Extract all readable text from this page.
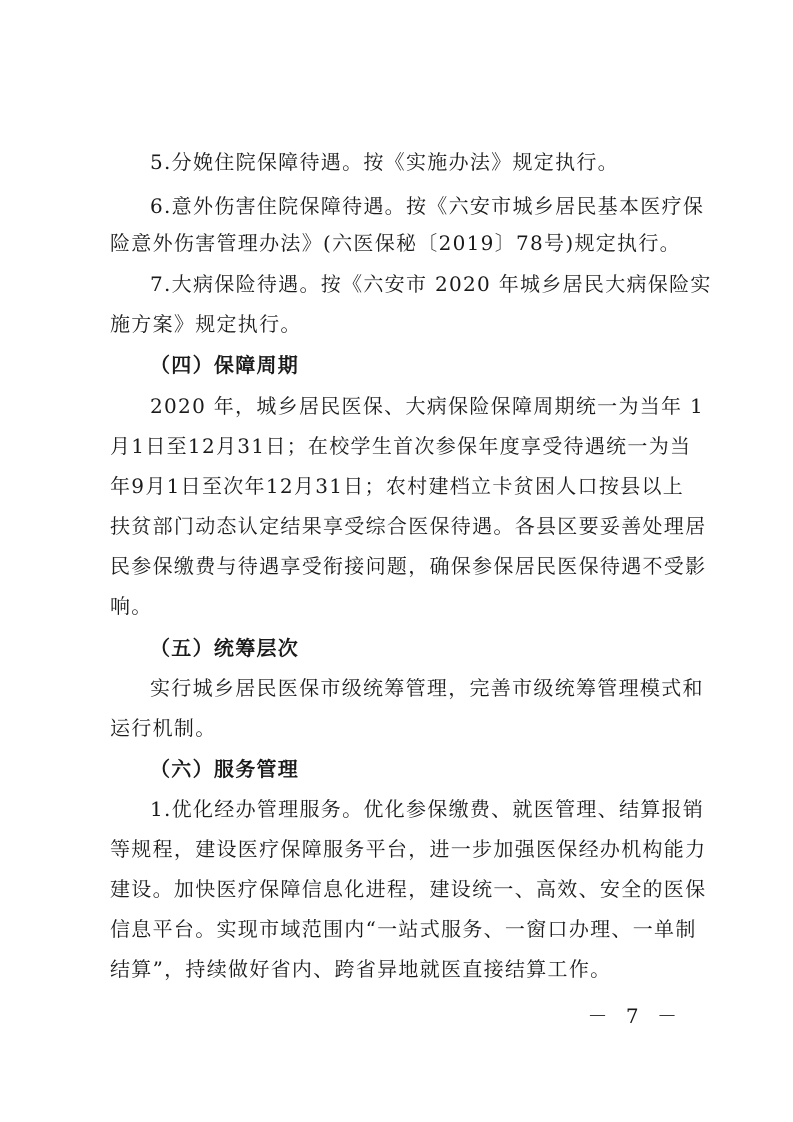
5.分娩住院保障待遇。按《实施办法》规定执行。
6.意外伤害住院保障待遇。按《六安市城乡居民基本医疗保
险意外伤害管理办法》(六医保秘〔2019〕78号)规定执行。
7.大病保险待遇。按《六安市 2020 年城乡居民大病保险实
施方案》规定执行。
（四）保障周期
2020 年，城乡居民医保、大病保险保障周期统一为当年 1
月1日至12月31日；在校学生首次参保年度享受待遇统一为当
年9月1日至次年12月31日；农村建档立卡贫困人口按县以上
扶贫部门动态认定结果享受综合医保待遇。各县区要妥善处理居
民参保缴费与待遇享受衔接问题，确保参保居民医保待遇不受影
响。
（五）统筹层次
实行城乡居民医保市级统筹管理，完善市级统筹管理模式和
运行机制。
（六）服务管理
1.优化经办管理服务。优化参保缴费、就医管理、结算报销
等规程，建设医疗保障服务平台，进一步加强医保经办机构能力
建设。加快医疗保障信息化进程，建设统一、高效、安全的医保
信息平台。实现市域范围内“一站式服务、一窗口办理、一单制
结算”，持续做好省内、跨省异地就医直接结算工作。
－ 7 －
